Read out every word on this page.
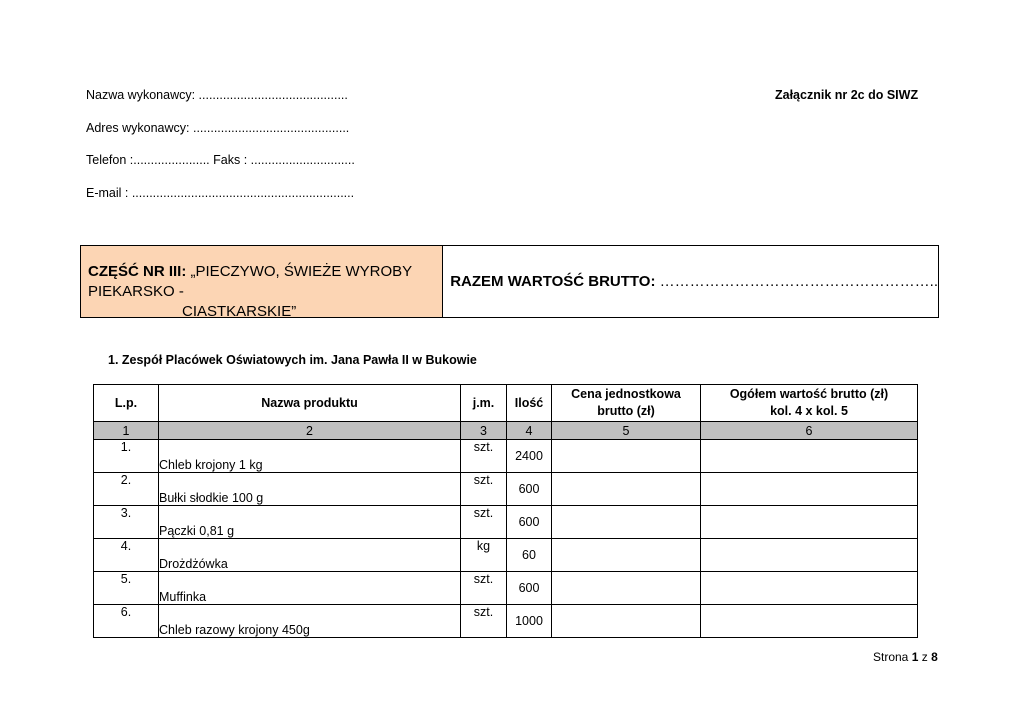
Nazwa wykonawcy: ...........................................	Załącznik nr 2c do SIWZ
Adres wykonawcy: .............................................
Telefon :...................... Faks : ..............................
E-mail : ................................................................
CZĘŚĆ NR III: „PIECZYWO, ŚWIEŻE WYROBY PIEKARSKO -
CIASTKARSKIE”
RAZEM WARTOŚĆ BRUTTO: ………………………………………………..
1. Zespół Placówek Oświatowych im. Jana Pawła II w Bukowie
L.p.	Nazwa produktu	j.m.	Ilość	Cena jednostkowa
brutto (zł)	Ogółem wartość brutto (zł)
kol. 4 x kol. 5
1	2	3	4	5	6
1.	Chleb krojony 1 kg	szt.	2400		
2.	Bułki słodkie 100 g	szt.	600		
3.	Pączki 0,81 g	szt.	600		
4.	Drożdżówka	kg	60		
5.	Muffinka	szt.	600		
6.	Chleb razowy krojony 450g	szt.	1000		
Strona 1 z 8
